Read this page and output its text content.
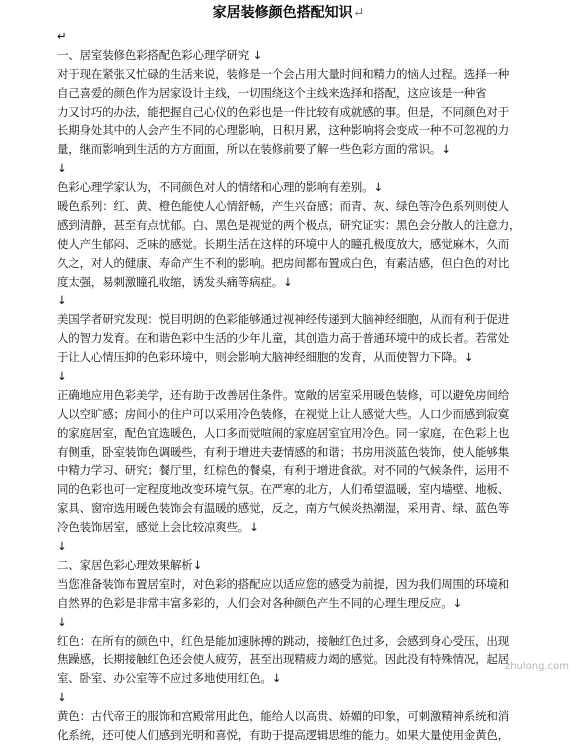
家居装修颜色搭配知识↵
↵
一、居室装修色彩搭配色彩心理学研究 ↓
对于现在紧张又忙碌的生活来说，装修是一个会占用大量时间和精力的恼人过程。选择一种
自己喜爱的颜色作为居家设计主线，一切围绕这个主线来选择和搭配，这应该是一种省
力又讨巧的办法，能把握自己心仪的色彩也是一件比较有成就感的事。但是，不同颜色对于
长期身处其中的人会产生不同的心理影响，日积月累，这种影响将会变成一种不可忽视的力
量，继而影响到生活的方方面面，所以在装修前要了解一些色彩方面的常识。↓
↓
色彩心理学家认为，不同颜色对人的情绪和心理的影响有差别。↓
暖色系列：红、黄、橙色能使人心情舒畅，产生兴奋感；而青、灰、绿色等冷色系列则使人
感到清静，甚至有点忧郁。白、黑色是视觉的两个极点，研究证实：黑色会分散人的注意力，
使人产生郁闷、乏味的感觉。长期生活在这样的环境中人的瞳孔极度放大，感觉麻木，久而
久之，对人的健康、寿命产生不利的影响。把房间都布置成白色，有素洁感，但白色的对比
度太强，易刺激瞳孔收缩，诱发头痛等病症。↓
↓
美国学者研究发现：悦目明朗的色彩能够通过视神经传递到大脑神经细胞，从而有利于促进
人的智力发育。在和谐色彩中生活的少年儿童，其创造力高于普通环境中的成长者。若常处
于让人心情压抑的色彩环境中，则会影响大脑神经细胞的发育，从而使智力下降。↓
↓
正确地应用色彩美学，还有助于改善居住条件。宽敞的居室采用暖色装修，可以避免房间给
人以空旷感；房间小的住户可以采用冷色装修，在视觉上让人感觉大些。人口少而感到寂寞
的家庭居室，配色宜选暖色，人口多而觉喧闹的家庭居室宜用冷色。同一家庭，在色彩上也
有侧重，卧室装饰色调暖些，有利于增进夫妻情感的和谐；书房用淡蓝色装饰，使人能够集
中精力学习、研究；餐厅里，红棕色的餐桌，有利于增进食欲。对不同的气候条件，运用不
同的色彩也可一定程度地改变环境气氛。在严寒的北方，人们希望温暖，室内墙壁、地板、
家具、窗帘选用暖色装饰会有温暖的感觉，反之，南方气候炎热潮湿，采用青、绿、蓝色等
冷色装饰居室，感觉上会比较凉爽些。↓
↓
二、家居色彩心理效果解析↓
当您准备装饰布置居室时，对色彩的搭配应以适应您的感受为前提，因为我们周围的环境和
自然界的色彩是非常丰富多彩的，人们会对各种颜色产生不同的心理生理反应。↓
↓
红色：在所有的颜色中，红色是能加速脉搏的跳动，接触红色过多，会感到身心受压，出现
焦躁感，长期接触红色还会使人疲劳，甚至出现精疲力竭的感觉。因此没有特殊情况，起居
室、卧室、办公室等不应过多地使用红色。↓
↓
黄色：古代帝王的服饰和宫殿常用此色，能给人以高贵、娇媚的印象，可刺激精神系统和消
化系统，还可使人们感到光明和喜悦，有助于提高逻辑思维的能力。如果大量使用金黄色，
zhulong.com
